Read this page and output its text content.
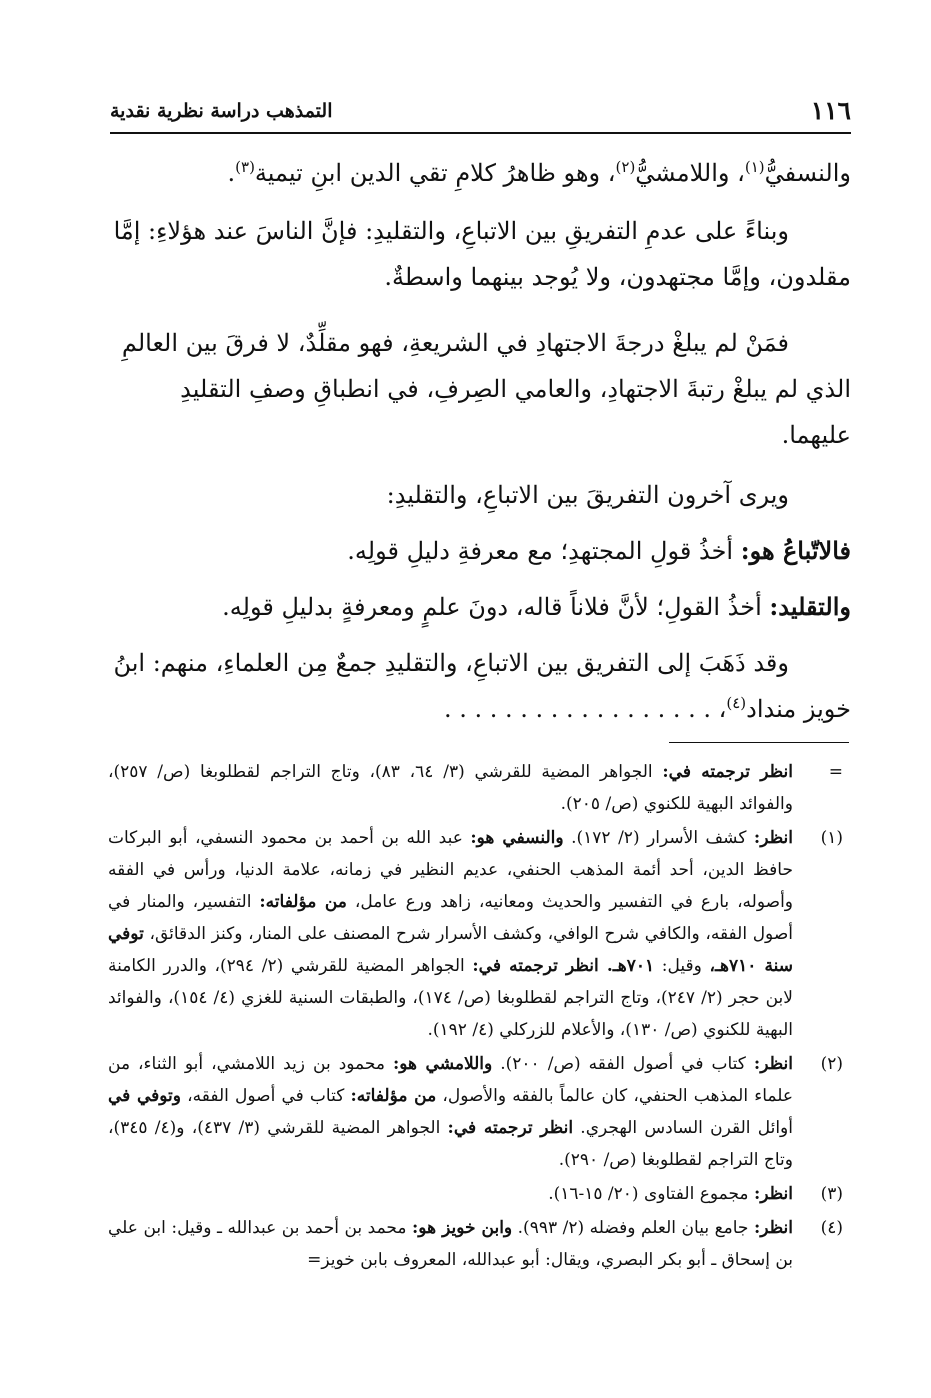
١١٦
التمذهب دراسة نظرية نقدية

والنسفيُّ$^{(١)}$، واللامشيُّ$^{(٢)}$، وهو ظاهرُ كلامِ تقي الدين ابنِ تيمية$^{(٣)}$.

وبناءً على عدمِ التفريقِ بين الاتباعِ، والتقليدِ: فإنَّ الناسَ عند هؤلاءِ: إمَّا مقلدون، وإمَّا مجتهدون، ولا يُوجد بينهما واسطةٌ.

فمَنْ لم يبلغْ درجةَ الاجتهادِ في الشريعةِ، فهو مقلِّدٌ، لا فرقَ بين العالمِ الذي لم يبلغْ رتبةَ الاجتهادِ، والعامي الصِرفِ، في انطباقِ وصفِ التقليدِ عليهما.

ويرى آخرون التفريقَ بين الاتباعِ، والتقليدِ:

فالاتّباعُ هو: أخذُ قولِ المجتهدِ؛ مع معرفةِ دليلِ قولِه.

والتقليد: أخذُ القولِ؛ لأنَّ فلاناً قاله، دونَ علمٍ ومعرفةٍ بدليلِ قولِه.

وقد ذَهَبَ إلى التفريق بين الاتباعِ، والتقليدِ جمعٌ مِن العلماءِ، منهم: ابنُ خويز منداد$^{(٤)}$، . . . . . . . . . . . . . . . . . .

=
انظر ترجمته في: الجواهر المضية للقرشي (٣/ ٦٤، ٨٣)، وتاج التراجم لقطلوبغا (ص/ ٢٥٧)، والفوائد البهية للكنوي (ص/ ٢٠٥).
(١)
انظر: كشف الأسرار (٢/ ١٧٢). والنسفي هو: عبد الله بن أحمد بن محمود النسفي، أبو البركات حافظ الدين، أحد أئمة المذهب الحنفي، عديم النظير في زمانه، علامة الدنيا، ورأس في الفقه وأصوله، بارع في التفسير والحديث ومعانيه، زاهد ورع عامل، من مؤلفاته: التفسير، والمنار في أصول الفقه، والكافي شرح الوافي، وكشف الأسرار شرح المصنف على المنار، وكنز الدقائق، توفي سنة ٧١٠هـ، وقيل: ٧٠١هـ. انظر ترجمته في: الجواهر المضية للقرشي (٢/ ٢٩٤)، والدرر الكامنة لابن حجر (٢/ ٢٤٧)، وتاج التراجم لقطلوبغا (ص/ ١٧٤)، والطبقات السنية للغزي (٤/ ١٥٤)، والفوائد البهية للكنوي (ص/ ١٣٠)، والأعلام للزركلي (٤/ ١٩٢).
(٢)
انظر: كتاب في أصول الفقه (ص/ ٢٠٠). واللامشي هو: محمود بن زيد اللامشي، أبو الثناء، من علماء المذهب الحنفي، كان عالماً بالفقه والأصول، من مؤلفاته: كتاب في أصول الفقه، وتوفي في أوائل القرن السادس الهجري. انظر ترجمته في: الجواهر المضية للقرشي (٣/ ٤٣٧)، و(٤/ ٣٤٥)، وتاج التراجم لقطلوبغا (ص/ ٢٩٠).
(٣)
انظر: مجموع الفتاوى (٢٠/ ١٥-١٦).
(٤)
انظر: جامع بيان العلم وفضله (٢/ ٩٩٣). وابن خويز هو: محمد بن أحمد بن عبدالله ـ وقيل: ابن علي بن إسحاق ـ أبو بكر البصري، ويقال: أبو عبدالله، المعروف بابن خويز=
